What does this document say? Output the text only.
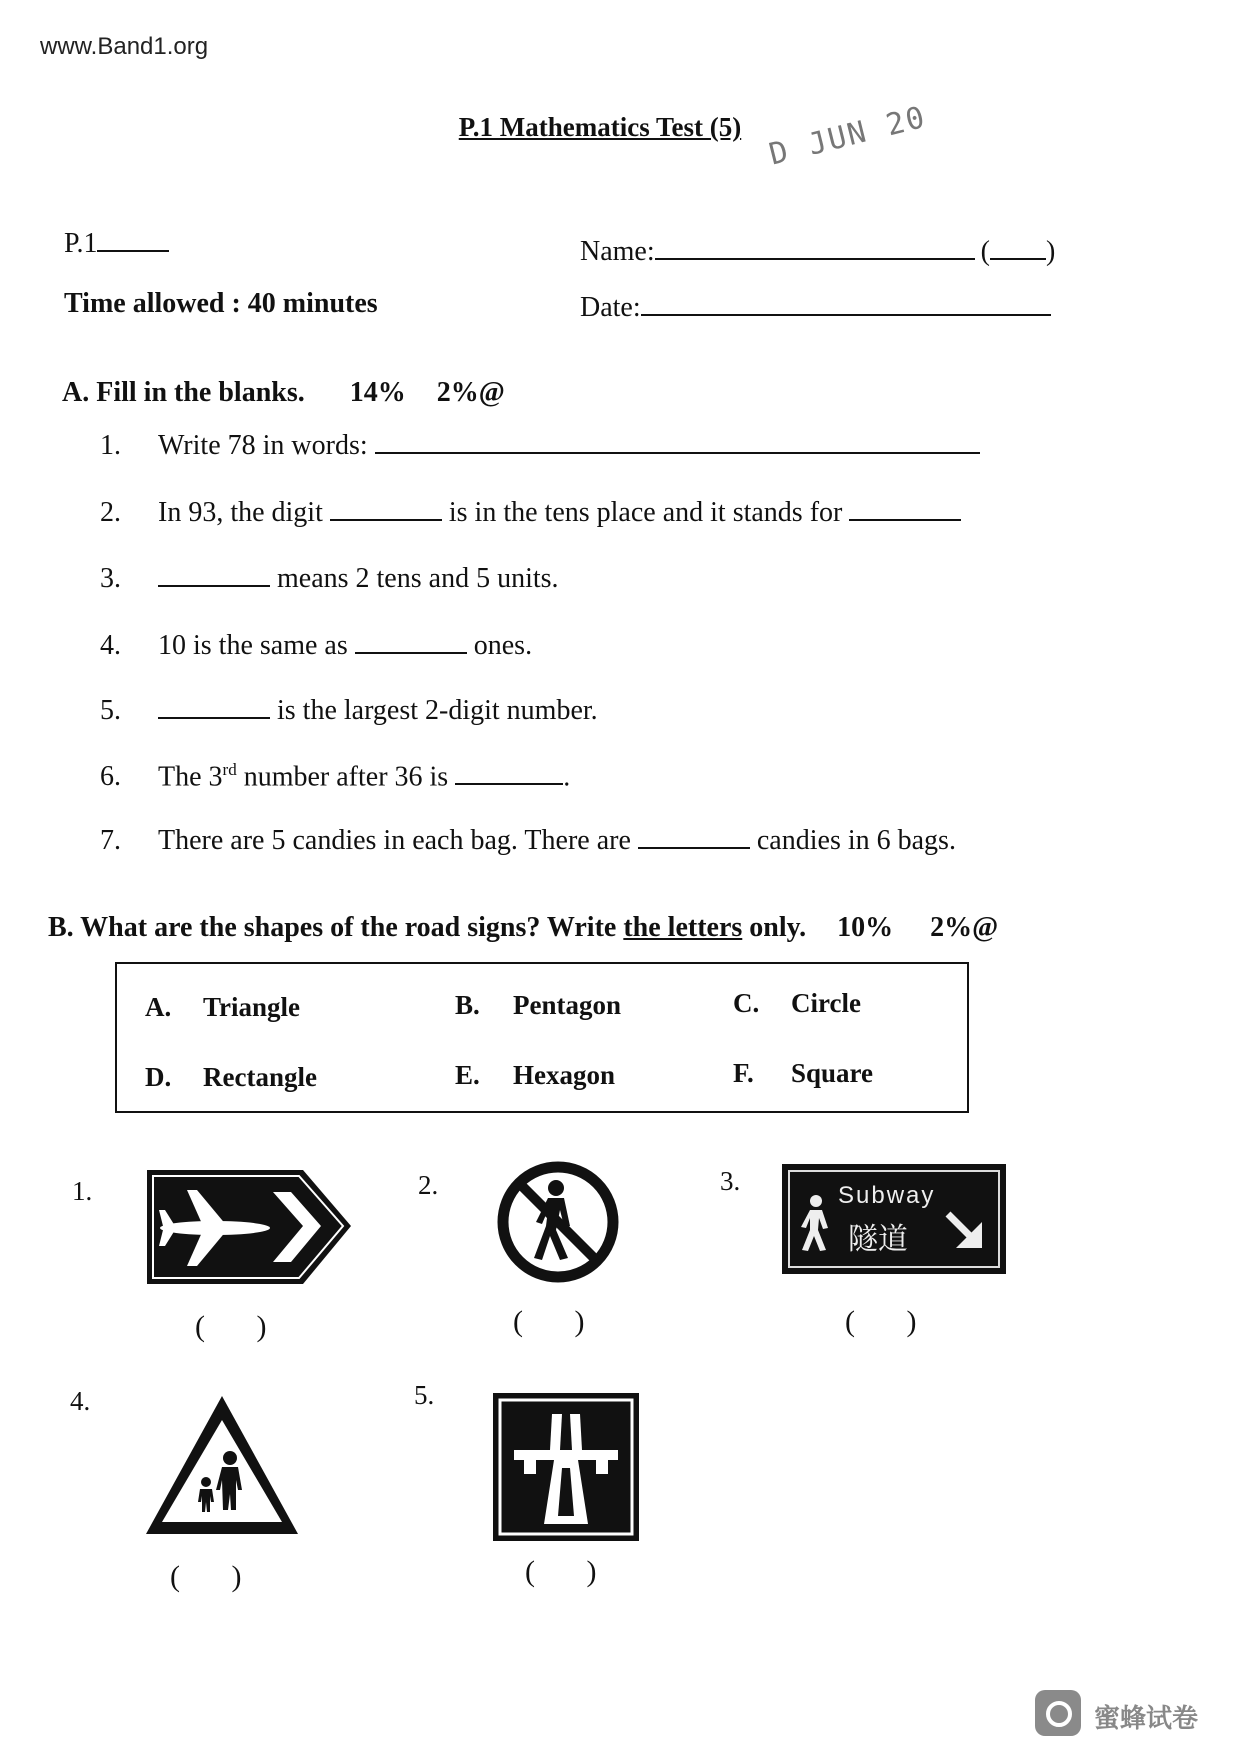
www.Band1.org
P.1 Mathematics Test (5) D JUN 20
P.1	Name:	( )
Time allowed : 40 minutes	Date:
A. Fill in the blanks. 14% 2%@
1. Write 78 in words:
2. In 93, the digit	is in the tens place and it stands for
3.	means 2 tens and 5 units.
4. 10 is the same as	ones.
5.	is the largest 2-digit number.
6. The 3rd number after 36 is	.
7. There are 5 candies in each bag. There are	candies in 6 bags.
B. What are the shapes of the road signs? Write the letters only. 10% 2%@
A. Triangle	B. Pentagon	C. Circle
D. Rectangle	E. Hexagon	F. Square
1.
( )
2.
( )
3.	Subway
隧道
( )
4.
( )
5.
( )
蜜蜂试卷
